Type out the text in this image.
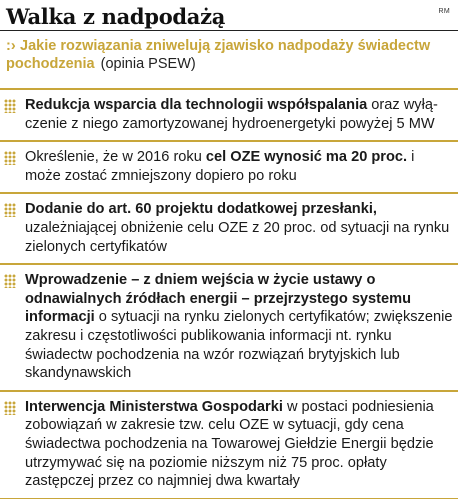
Walka z nadpodażą	RM
:› Jakie rozwiązania zniwelują zjawisko nadpodaży świadectw pochodzenia (opinia PSEW)
Redukcja wsparcia dla technologii współspalania oraz wyłą-czenie z niego zamortyzowanej hydroenergetyki powyżej 5 MW
Określenie, że w 2016 roku cel OZE wynosić ma 20 proc. i może zostać zmniejszony dopiero po roku
Dodanie do art. 60 projektu dodatkowej przesłanki, uzależniającej obniżenie celu OZE z 20 proc. od sytuacji na rynku zielonych certyfikatów
Wprowadzenie – z dniem wejścia w życie ustawy o odnawialnych źródłach energii – przejrzystego systemu informacji o sytuacji na rynku zielonych certyfikatów; zwiększenie zakresu i częstotliwości publikowania informacji nt. rynku świadectw pochodzenia na wzór rozwiązań brytyjskich lub skandynawskich
Interwencja Ministerstwa Gospodarki w postaci podniesienia zobowiązań w zakresie tzw. celu OZE w sytuacji, gdy cena świadectwa pochodzenia na Towarowej Giełdzie Energii będzie utrzymywać się na poziomie niższym niż 75 proc. opłaty zastępczej przez co najmniej dwa kwartały
